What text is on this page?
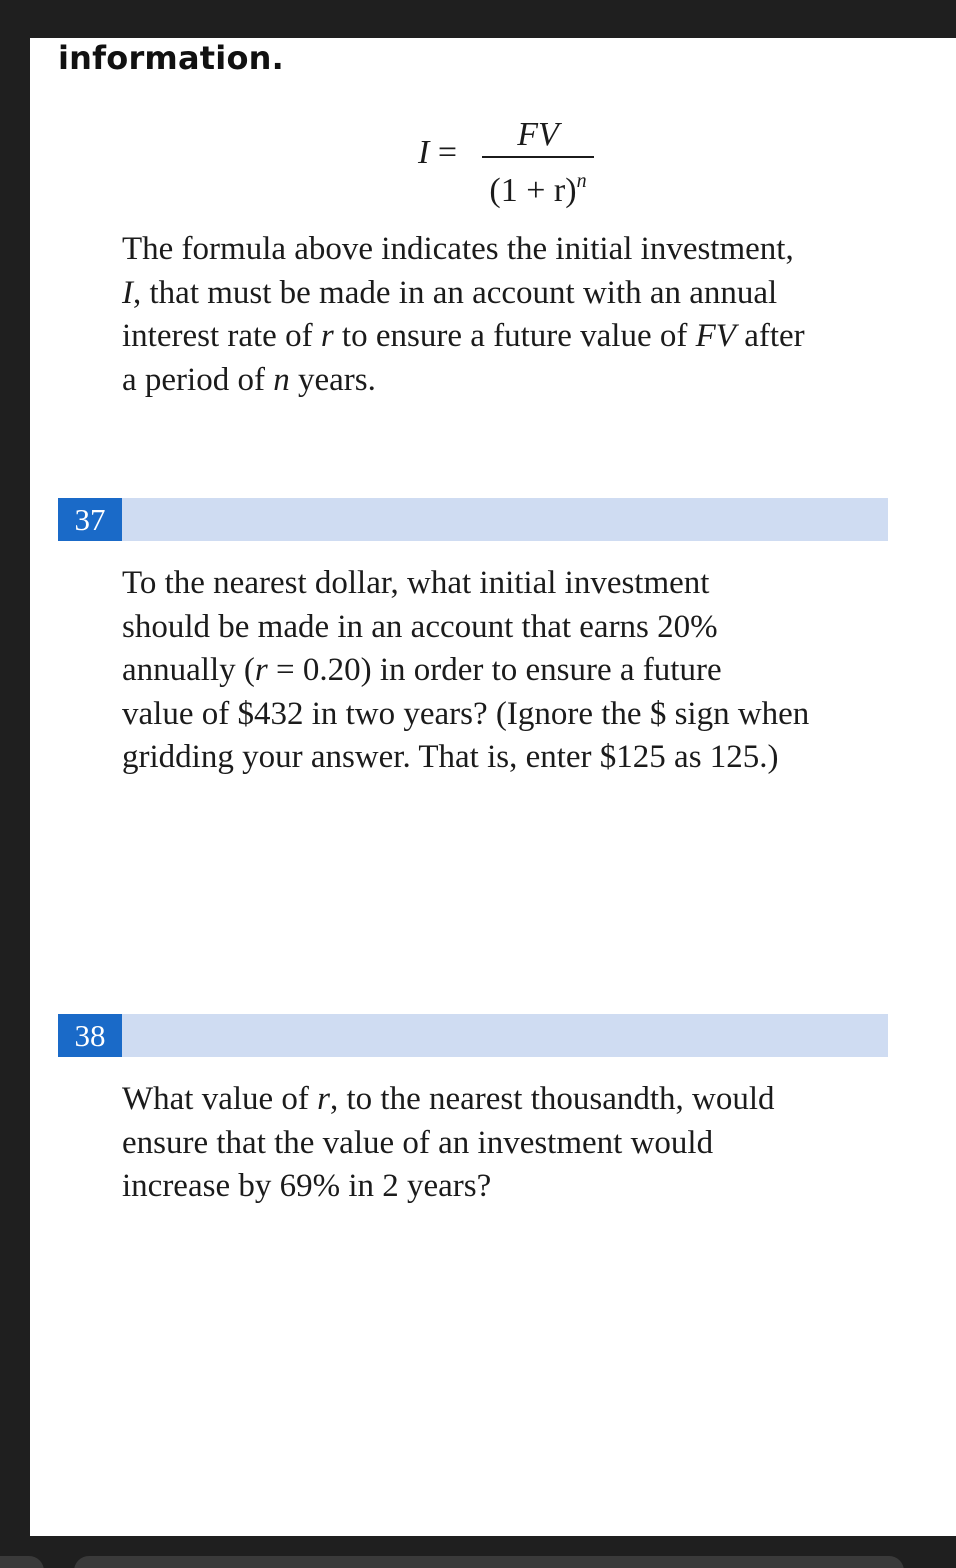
information.
I =	FV
$(1 + r)^n$
The formula above indicates the initial investment,
I, that must be made in an account with an annual
interest rate of r to ensure a future value of FV after
a period of n years.
37
To the nearest dollar, what initial investment
should be made in an account that earns 20%
annually (r = 0.20) in order to ensure a future
value of $432 in two years? (Ignore the $ sign when
gridding your answer. That is, enter $125 as 125.)
38
What value of r, to the nearest thousandth, would
ensure that the value of an investment would
increase by 69% in 2 years?
